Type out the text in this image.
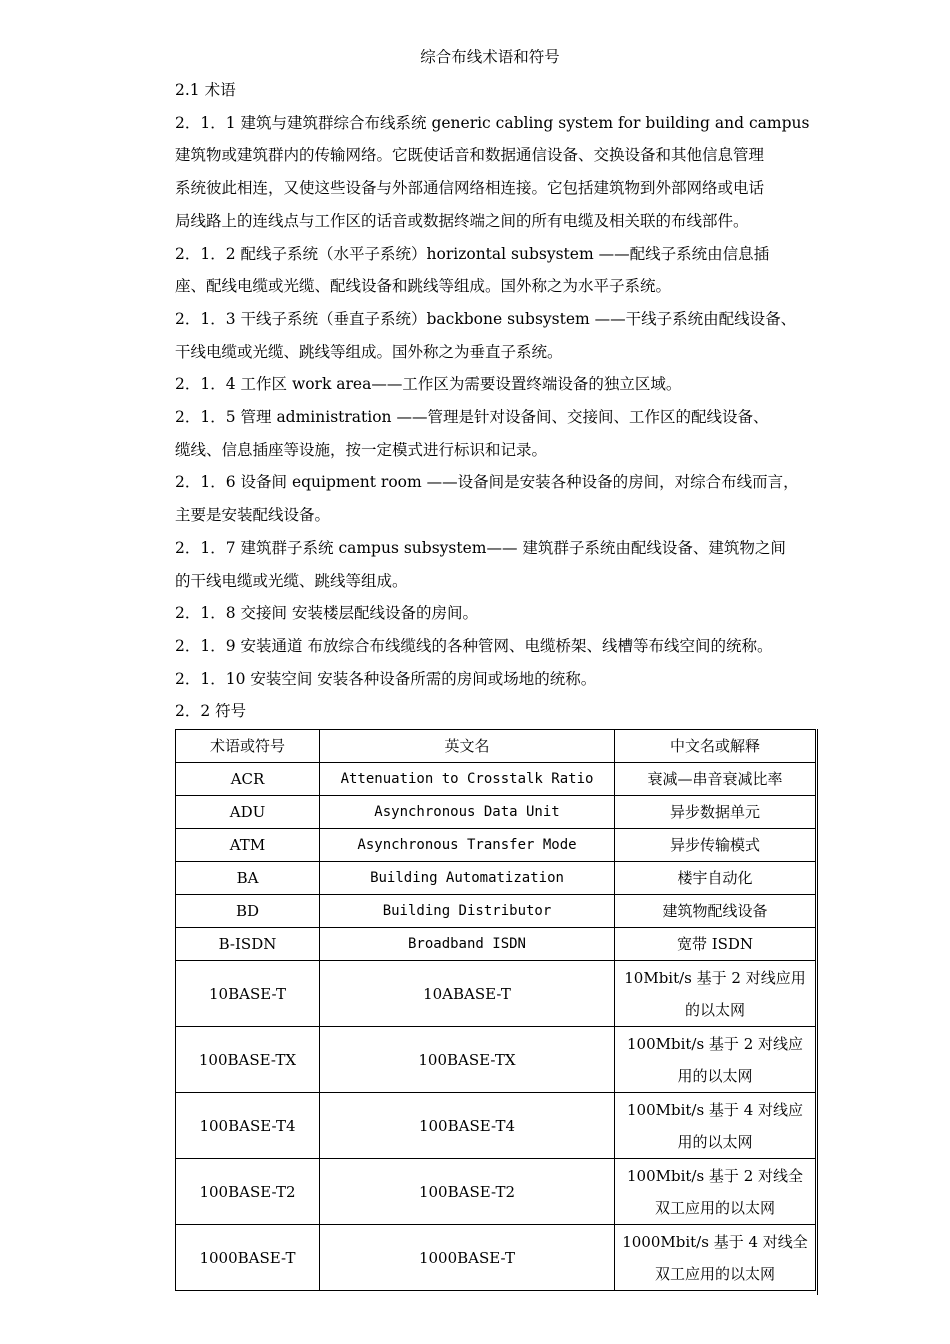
综合布线术语和符号

2.1 术语

2．1．1 建筑与建筑群综合布线系统 generic cabling system for building and campus

建筑物或建筑群内的传输网络。它既使话音和数据通信设备、交换设备和其他信息管理

系统彼此相连，又使这些设备与外部通信网络相连接。它包括建筑物到外部网络或电话

局线路上的连线点与工作区的话音或数据终端之间的所有电缆及相关联的布线部件。

2．1．2 配线子系统（水平子系统）horizontal subsystem ——配线子系统由信息插

座、配线电缆或光缆、配线设备和跳线等组成。国外称之为水平子系统。

2．1．3 干线子系统（垂直子系统）backbone subsystem ——干线子系统由配线设备、

干线电缆或光缆、跳线等组成。国外称之为垂直子系统。

2．1．4 工作区 work area——工作区为需要设置终端设备的独立区域。

2．1．5 管理 administration ——管理是针对设备间、交接间、工作区的配线设备、

缆线、信息插座等设施，按一定模式进行标识和记录。

2．1．6 设备间 equipment room ——设备间是安装各种设备的房间，对综合布线而言，

主要是安装配线设备。

2．1．7 建筑群子系统 campus subsystem—— 建筑群子系统由配线设备、建筑物之间

的干线电缆或光缆、跳线等组成。

2．1．8 交接间 安装楼层配线设备的房间。

2．1．9 安装通道 布放综合布线缆线的各种管网、电缆桥架、线槽等布线空间的统称。

2．1．10 安装空间 安装各种设备所需的房间或场地的统称。

2．2 符号

术语或符号	英文名	中文名或解释
ACR	Attenuation to Crosstalk Ratio	衰减—串音衰减比率

ADU	Asynchronous Data Unit	异步数据单元

ATM	Asynchronous Transfer Mode	异步传输模式

BA	Building Automatization	楼宇自动化

BD	Building Distributor	建筑物配线设备

B-ISDN	Broadband ISDN	宽带 ISDN

10BASE-T	10ABASE-T	10Mbit/s 基于 2 对线应用
的以太网

100BASE-TX	100BASE-TX	100Mbit/s 基于 2 对线应
用的以太网

100BASE-T4	100BASE-T4	100Mbit/s 基于 4 对线应
用的以太网

100BASE-T2	100BASE-T2	100Mbit/s 基于 2 对线全
双工应用的以太网

1000BASE-T	1000BASE-T	1000Mbit/s 基于 4 对线全
双工应用的以太网
